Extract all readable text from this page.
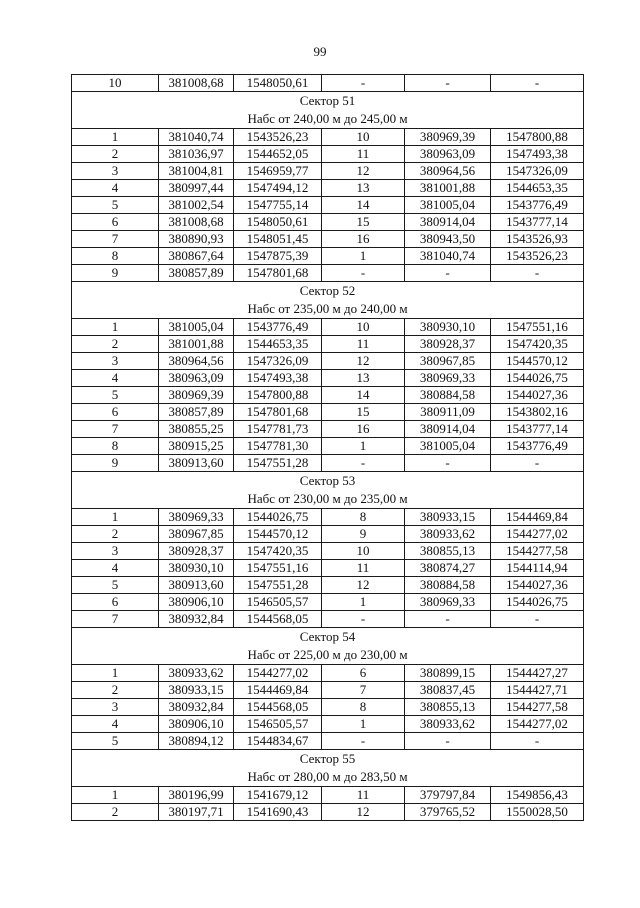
99
10	381008,68	1548050,61	-	-	-
Сектор 51					
Набс от 240,00 м до 245,00 м					
1	381040,74	1543526,23	10	380969,39	1547800,88
2	381036,97	1544652,05	11	380963,09	1547493,38
3	381004,81	1546959,77	12	380964,56	1547326,09
4	380997,44	1547494,12	13	381001,88	1544653,35
5	381002,54	1547755,14	14	381005,04	1543776,49
6	381008,68	1548050,61	15	380914,04	1543777,14
7	380890,93	1548051,45	16	380943,50	1543526,93
8	380867,64	1547875,39	1	381040,74	1543526,23
9	380857,89	1547801,68	-	-	-
Сектор 52					
Набс от 235,00 м до 240,00 м					
1	381005,04	1543776,49	10	380930,10	1547551,16
2	381001,88	1544653,35	11	380928,37	1547420,35
3	380964,56	1547326,09	12	380967,85	1544570,12
4	380963,09	1547493,38	13	380969,33	1544026,75
5	380969,39	1547800,88	14	380884,58	1544027,36
6	380857,89	1547801,68	15	380911,09	1543802,16
7	380855,25	1547781,73	16	380914,04	1543777,14
8	380915,25	1547781,30	1	381005,04	1543776,49
9	380913,60	1547551,28	-	-	-
Сектор 53					
Набс от 230,00 м до 235,00 м					
1	380969,33	1544026,75	8	380933,15	1544469,84
2	380967,85	1544570,12	9	380933,62	1544277,02
3	380928,37	1547420,35	10	380855,13	1544277,58
4	380930,10	1547551,16	11	380874,27	1544114,94
5	380913,60	1547551,28	12	380884,58	1544027,36
6	380906,10	1546505,57	1	380969,33	1544026,75
7	380932,84	1544568,05	-	-	-
Сектор 54					
Набс от 225,00 м до 230,00 м					
1	380933,62	1544277,02	6	380899,15	1544427,27
2	380933,15	1544469,84	7	380837,45	1544427,71
3	380932,84	1544568,05	8	380855,13	1544277,58
4	380906,10	1546505,57	1	380933,62	1544277,02
5	380894,12	1544834,67	-	-	-
Сектор 55					
Набс от 280,00 м до 283,50 м					
1	380196,99	1541679,12	11	379797,84	1549856,43
2	380197,71	1541690,43	12	379765,52	1550028,50
